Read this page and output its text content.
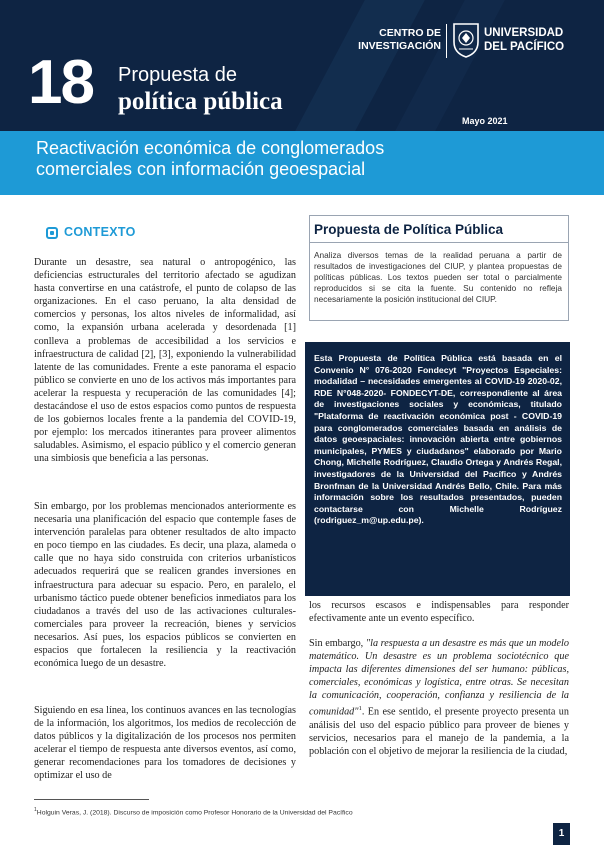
18 Propuesta de
política pública
CENTRO DE
INVESTIGACIÓN
UNIVERSIDAD
DEL PACÍFICO
Mayo 2021
Reactivación económica de conglomerados
comerciales con información geoespacial
CONTEXTO
Durante un desastre, sea natural o antropogénico, las deficiencias estructurales del territorio afectado se agudizan hasta convertirse en una catástrofe, el punto de colapso de las organizaciones. En el caso peruano, la alta densidad de comercios y personas, los altos niveles de informalidad, así como, la expansión urbana acelerada y desordenada [1] conlleva a problemas de accesibilidad a los servicios e infraestructura de calidad [2], [3], exponiendo la vulnerabilidad latente de las comunidades. Frente a este panorama el espacio público se convierte en uno de los activos más importantes para acelerar la respuesta y recuperación de las comunidades [4]; destacándose el uso de estos espacios como puntos de respuesta de los gobiernos locales frente a la pandemia del COVID-19, por ejemplo: los mercados itinerantes para proveer alimentos saludables. Asimismo, el espacio público y el comercio generan una simbiosis que beneficia a las personas.
Sin embargo, por los problemas mencionados anteriormente es necesaria una planificación del espacio que contemple fases de intervención paralelas para obtener resultados de alto impacto en poco tiempo en las ciudades. Es decir, una plaza, alameda o calle que no haya sido construida con criterios urbanísticos adecuados requerirá que se realicen grandes inversiones en infraestructura para adecuar su espacio. Pero, en paralelo, el urbanismo táctico puede obtener beneficios inmediatos para los ciudadanos a través del uso de las activaciones culturales-comerciales para proveer la recreación, bienes y servicios necesarios. Así pues, los espacios públicos se convierten en espacios que fortalecen la resiliencia y la reactivación económica luego de un desastre.
Siguiendo en esa línea, los continuos avances en las tecnologías de la información, los algoritmos, los medios de recolección de datos públicos y la digitalización de los procesos nos permiten acelerar el tiempo de respuesta ante diversos eventos, así como, generar recomendaciones para los tomadores de decisiones y optimizar el uso de
Propuesta de Política Pública
Analiza diversos temas de la realidad peruana a partir de resultados de investigaciones del CIUP, y plantea propuestas de políticas públicas. Los textos pueden ser total o parcialmente reproducidos si se cita la fuente. Su contenido no refleja necesariamente la posición institucional del CIUP.
Esta Propuesta de Política Pública está basada en el Convenio N° 076-2020 Fondecyt "Proyectos Especiales: modalidad – necesidades emergentes al COVID-19 2020-02, RDE N°048-2020- FONDECYT-DE, correspondiente al área de investigaciones sociales y económicas, titulado "Plataforma de reactivación económica post - COVID-19 para conglomerados comerciales basada en análisis de datos geoespaciales: innovación abierta entre gobiernos municipales, PYMES y ciudadanos" elaborado por Mario Chong, Michelle Rodríguez, Claudio Ortega y Andrés Regal, investigadores de la Universidad del Pacífico y Andrés Bronfman de la Universidad Andrés Bello, Chile. Para más información sobre los resultados presentados, pueden contactarse con Michelle Rodríguez (rodriguez_m@up.edu.pe).
los recursos escasos e indispensables para responder efectivamente ante un evento específico.
Sin embargo, "la respuesta a un desastre es más que un modelo matemático. Un desastre es un problema sociotécnico que impacta las diferentes dimensiones del ser humano: públicas, comerciales, económicas y logística, entre otras. Se necesitan la comunicación, cooperación, confianza y resiliencia de la comunidad"$^1$. En ese sentido, el presente proyecto presenta un análisis del uso del espacio público para proveer de bienes y servicios, necesarios para el manejo de la pandemia, a la población con el objetivo de mejorar la resiliencia de la ciudad,
$^1$Holguin Veras, J. (2018). Discurso de imposición como Profesor Honorario de la Universidad del Pacífico
1
